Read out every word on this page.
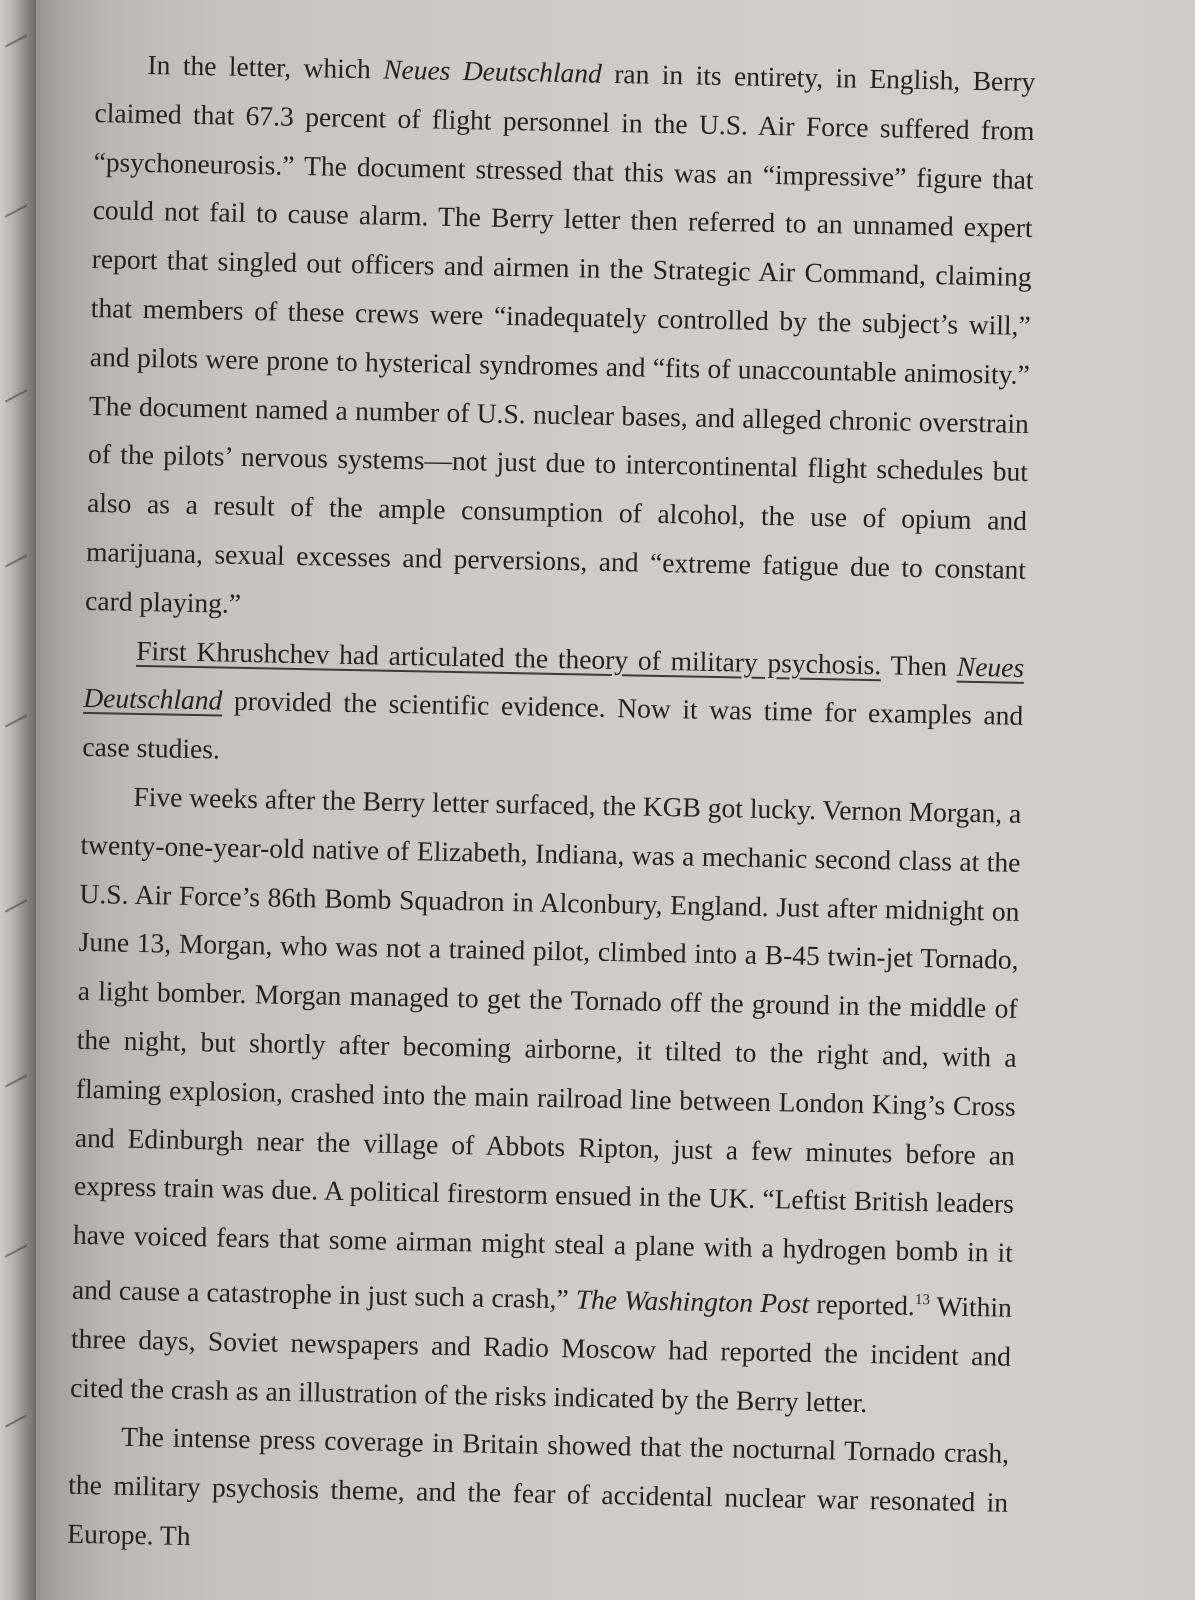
In the letter, which Neues Deutschland ran in its entirety, in English, Berry claimed that 67.3 percent of flight personnel in the U.S. Air Force suffered from “psychoneurosis.” The document stressed that this was an “impressive” figure that could not fail to cause alarm. The Berry letter then referred to an unnamed expert report that singled out officers and airmen in the Strategic Air Command, claiming that members of these crews were “inadequately controlled by the subject’s will,” and pilots were prone to hysterical syndromes and “fits of unaccountable animosity.” The document named a number of U.S. nuclear bases, and alleged chronic overstrain of the pilots’ nervous systems—not just due to intercontinental flight schedules but also as a result of the ample consumption of alcohol, the use of opium and marijuana, sexual excesses and perversions, and “extreme fatigue due to constant card playing.”

First Khrushchev had articulated the theory of military psychosis. Then Neues Deutschland provided the scientific evidence. Now it was time for examples and case studies.

Five weeks after the Berry letter surfaced, the KGB got lucky. Vernon Morgan, a twenty-one-year-old native of Elizabeth, Indiana, was a mechanic second class at the U.S. Air Force’s 86th Bomb Squadron in Alconbury, England. Just after midnight on June 13, Morgan, who was not a trained pilot, climbed into a B-45 twin-jet Tornado, a light bomber. Morgan managed to get the Tornado off the ground in the middle of the night, but shortly after becoming airborne, it tilted to the right and, with a flaming explosion, crashed into the main railroad line between London King’s Cross and Edinburgh near the village of Abbots Ripton, just a few minutes before an express train was due. A political firestorm ensued in the UK. “Leftist British leaders have voiced fears that some airman might steal a plane with a hydrogen bomb in it and cause a catastrophe in just such a crash,” The Washington Post reported.$^{13}$ Within three days, Soviet newspapers and Radio Moscow had reported the incident and cited the crash as an illustration of the risks indicated by the Berry letter.

The intense press coverage in Britain showed that the nocturnal Tornado crash, the military psychosis theme, and the fear of accidental nuclear war resonated in Europe. Th
